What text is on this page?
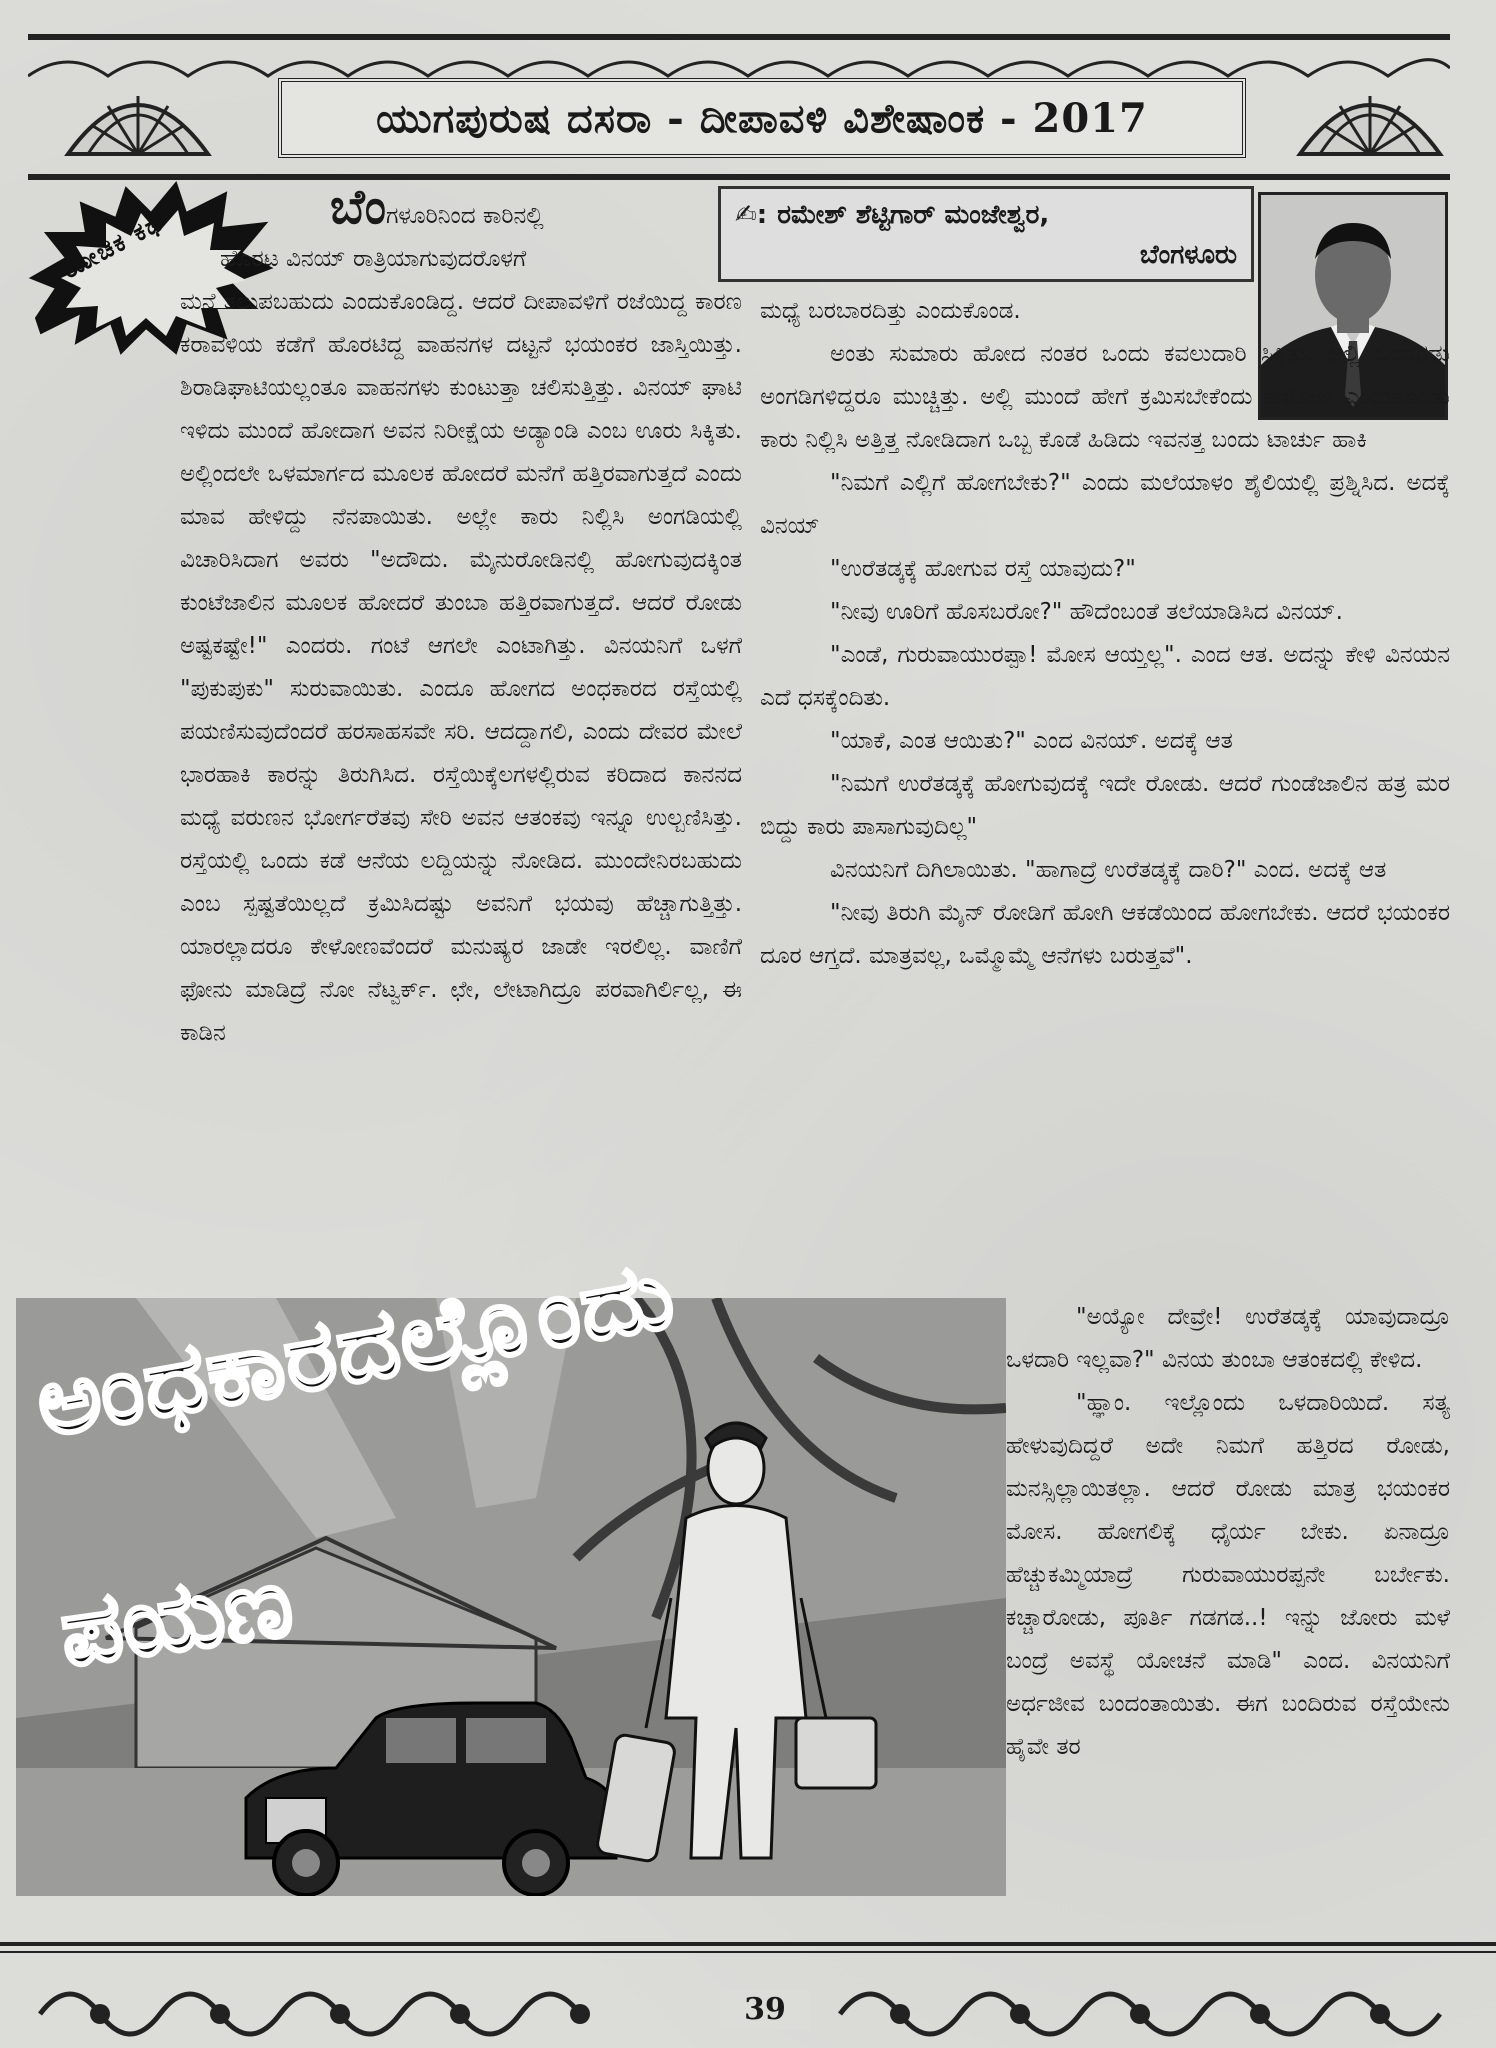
ಯುಗಪುರುಷ ದಸರಾ - ದೀಪಾವಳಿ ವಿಶೇಷಾಂಕ - 2017
ರೋಚಕ ಕಥೆ	✍: ರಮೇಶ್ ಶೆಟ್ಟಿಗಾರ್ ಮಂಜೇಶ್ವರ,
ಬೆಂಗಳೂರು

ಬೆಂಗಳೂರಿನಿಂದ ಕಾರಿನಲ್ಲಿ

ಹೊರಟ ವಿನಯ್ ರಾತ್ರಿಯಾಗುವುದರೊಳಗೆ

ಮನೆ ತಲುಪಬಹುದು ಎಂದುಕೊಂಡಿದ್ದ. ಆದರೆ ದೀಪಾವಳಿಗೆ ರಜೆಯಿದ್ದ ಕಾರಣ ಕರಾವಳಿಯ ಕಡೆಗೆ ಹೊರಟಿದ್ದ ವಾಹನಗಳ ದಟ್ಟನೆ ಭಯಂಕರ ಜಾಸ್ತಿಯಿತ್ತು. ಶಿರಾಡಿಘಾಟಿಯಲ್ಲಂತೂ ವಾಹನಗಳು ಕುಂಟುತ್ತಾ ಚಲಿಸುತ್ತಿತ್ತು. ವಿನಯ್ ಘಾಟಿ ಇಳಿದು ಮುಂದೆ ಹೋದಾಗ ಅವನ ನಿರೀಕ್ಷೆಯ ಅಡ್ಯಾಂಡಿ ಎಂಬ ಊರು ಸಿಕ್ಕಿತು. ಅಲ್ಲಿಂದಲೇ ಒಳಮಾರ್ಗದ ಮೂಲಕ ಹೋದರೆ ಮನೆಗೆ ಹತ್ತಿರವಾಗುತ್ತದೆ ಎಂದು ಮಾವ ಹೇಳಿದ್ದು ನೆನಪಾಯಿತು. ಅಲ್ಲೇ ಕಾರು ನಿಲ್ಲಿಸಿ ಅಂಗಡಿಯಲ್ಲಿ ವಿಚಾರಿಸಿದಾಗ ಅವರು "ಅದೌದು. ಮೈನುರೋಡಿನಲ್ಲಿ ಹೋಗುವುದಕ್ಕಿಂತ ಕುಂಟೆಜಾಲಿನ ಮೂಲಕ ಹೋದರೆ ತುಂಬಾ ಹತ್ತಿರವಾಗುತ್ತದೆ. ಆದರೆ ರೋಡು ಅಷ್ಟಕಷ್ಟೇ!" ಎಂದರು. ಗಂಟೆ ಆಗಲೇ ಎಂಟಾಗಿತ್ತು. ವಿನಯನಿಗೆ ಒಳಗೆ "ಪುಕುಪುಕು" ಸುರುವಾಯಿತು. ಎಂದೂ ಹೋಗದ ಅಂಧಕಾರದ ರಸ್ತೆಯಲ್ಲಿ ಪಯಣಿಸುವುದೆಂದರೆ ಹರಸಾಹಸವೇ ಸರಿ. ಆದದ್ದಾಗಲಿ, ಎಂದು ದೇವರ ಮೇಲೆ ಭಾರಹಾಕಿ ಕಾರನ್ನು ತಿರುಗಿಸಿದ. ರಸ್ತೆಯಿಕ್ಕೆಲಗಳಲ್ಲಿರುವ ಕರಿದಾದ ಕಾನನದ ಮಧ್ಯೆ ವರುಣನ ಭೋರ್ಗರೆತವು ಸೇರಿ ಅವನ ಆತಂಕವು ಇನ್ನೂ ಉಲ್ಬಣಿಸಿತ್ತು. ರಸ್ತೆಯಲ್ಲಿ ಒಂದು ಕಡೆ ಆನೆಯ ಲದ್ದಿಯನ್ನು ನೋಡಿದ. ಮುಂದೇನಿರಬಹುದು ಎಂಬ ಸ್ಪಷ್ಟತೆಯಿಲ್ಲದೆ ಕ್ರಮಿಸಿದಷ್ಟು ಅವನಿಗೆ ಭಯವು ಹೆಚ್ಚಾಗುತ್ತಿತ್ತು. ಯಾರಲ್ಲಾದರೂ ಕೇಳೋಣವೆಂದರೆ ಮನುಷ್ಯರ ಜಾಡೇ ಇರಲಿಲ್ಲ. ವಾಣಿಗೆ ಫೋನು ಮಾಡಿದ್ರೆ ನೋ ನೆಟ್ವರ್ಕ್. ಛೇ, ಲೇಟಾಗಿದ್ರೂ ಪರವಾಗಿರ್ಲಿಲ್ಲ, ಈ ಕಾಡಿನ

ಮಧ್ಯೆ ಬರಬಾರದಿತ್ತು ಎಂದುಕೊಂಡ.

ಅಂತು ಸುಮಾರು ಹೋದ ನಂತರ ಒಂದು ಕವಲುದಾರಿ ಸಿಕ್ಕಿತು. ಅಲ್ಲಿ ಒಂದೆರಡು ಅಂಗಡಿಗಳಿದ್ದರೂ ಮುಚ್ಚಿತ್ತು. ಅಲ್ಲಿ ಮುಂದೆ ಹೇಗೆ ಕ್ರಮಿಸಬೇಕೆಂದು ಕೇಳೋಣ ಎಂದುಕೊಂಡು ಕಾರು ನಿಲ್ಲಿಸಿ ಅತ್ತಿತ್ತ ನೋಡಿದಾಗ ಒಬ್ಬ ಕೊಡೆ ಹಿಡಿದು ಇವನತ್ತ ಬಂದು ಟಾರ್ಚು ಹಾಕಿ

"ನಿಮಗೆ ಎಲ್ಲಿಗೆ ಹೋಗಬೇಕು?" ಎಂದು ಮಲೆಯಾಳಂ ಶೈಲಿಯಲ್ಲಿ ಪ್ರಶ್ನಿಸಿದ. ಅದಕ್ಕೆ ವಿನಯ್

"ಉರೆತಡ್ಕಕ್ಕೆ ಹೋಗುವ ರಸ್ತೆ ಯಾವುದು?"

"ನೀವು ಊರಿಗೆ ಹೊಸಬರೋ?" ಹೌದೆಂಬಂತೆ ತಲೆಯಾಡಿಸಿದ ವಿನಯ್.

"ಎಂಡೆ, ಗುರುವಾಯುರಪ್ಪಾ! ಮೋಸ ಆಯ್ತಲ್ಲ". ಎಂದ ಆತ. ಅದನ್ನು ಕೇಳಿ ವಿನಯನ ಎದೆ ಧಸಕ್ಕೆಂದಿತು.

"ಯಾಕೆ, ಎಂತ ಆಯಿತು?" ಎಂದ ವಿನಯ್. ಅದಕ್ಕೆ ಆತ

"ನಿಮಗೆ ಉರೆತಡ್ಕಕ್ಕೆ ಹೋಗುವುದಕ್ಕೆ ಇದೇ ರೋಡು. ಆದರೆ ಗುಂಡೆಜಾಲಿನ ಹತ್ರ ಮರ ಬಿದ್ದು ಕಾರು ಪಾಸಾಗುವುದಿಲ್ಲ"

ವಿನಯನಿಗೆ ದಿಗಿಲಾಯಿತು. "ಹಾಗಾದ್ರೆ ಉರೆತಡ್ಕಕ್ಕೆ ದಾರಿ?" ಎಂದ. ಅದಕ್ಕೆ ಆತ

"ನೀವು ತಿರುಗಿ ಮೈನ್ ರೋಡಿಗೆ ಹೋಗಿ ಆಕಡೆಯಿಂದ ಹೋಗಬೇಕು. ಆದರೆ ಭಯಂಕರ ದೂರ ಆಗ್ತದೆ. ಮಾತ್ರವಲ್ಲ, ಒಮ್ಮೊಮ್ಮೆ ಆನೆಗಳು ಬರುತ್ತವೆ".

ಅಂಧಕಾರದಲ್ಲೊಂದು
ಪಯಣ

"ಅಯ್ಯೋ ದೇವ್ರೇ! ಉರೆತಡ್ಕಕ್ಕೆ ಯಾವುದಾದ್ರೂ ಒಳದಾರಿ ಇಲ್ಲವಾ?" ವಿನಯ ತುಂಬಾ ಆತಂಕದಲ್ಲಿ ಕೇಳಿದ.

"ಹ್ಞಾಂ. ಇಲ್ಲೊಂದು ಒಳದಾರಿಯಿದೆ. ಸತ್ಯ ಹೇಳುವುದಿದ್ದರೆ ಅದೇ ನಿಮಗೆ ಹತ್ತಿರದ ರೋಡು, ಮನಸ್ಸಿಲ್ಲಾಯಿತಲ್ಲಾ. ಆದರೆ ರೋಡು ಮಾತ್ರ ಭಯಂಕರ ಮೋಸ. ಹೋಗಲಿಕ್ಕೆ ಧೈರ್ಯ ಬೇಕು. ಏನಾದ್ರೂ ಹೆಚ್ಚುಕಮ್ಮಿಯಾದ್ರೆ ಗುರುವಾಯುರಪ್ಪನೇ ಬರ್ಬೇಕು. ಕಚ್ಚಾರೋಡು, ಪೂರ್ತಿ ಗಡಗಡ..! ಇನ್ನು ಜೋರು ಮಳೆ ಬಂದ್ರೆ ಅವಸ್ಥೆ ಯೋಚನೆ ಮಾಡಿ" ಎಂದ. ವಿನಯನಿಗೆ ಅರ್ಧಜೀವ ಬಂದಂತಾಯಿತು. ಈಗ ಬಂದಿರುವ ರಸ್ತೆಯೇನು ಹೈವೇ ತರ

39
